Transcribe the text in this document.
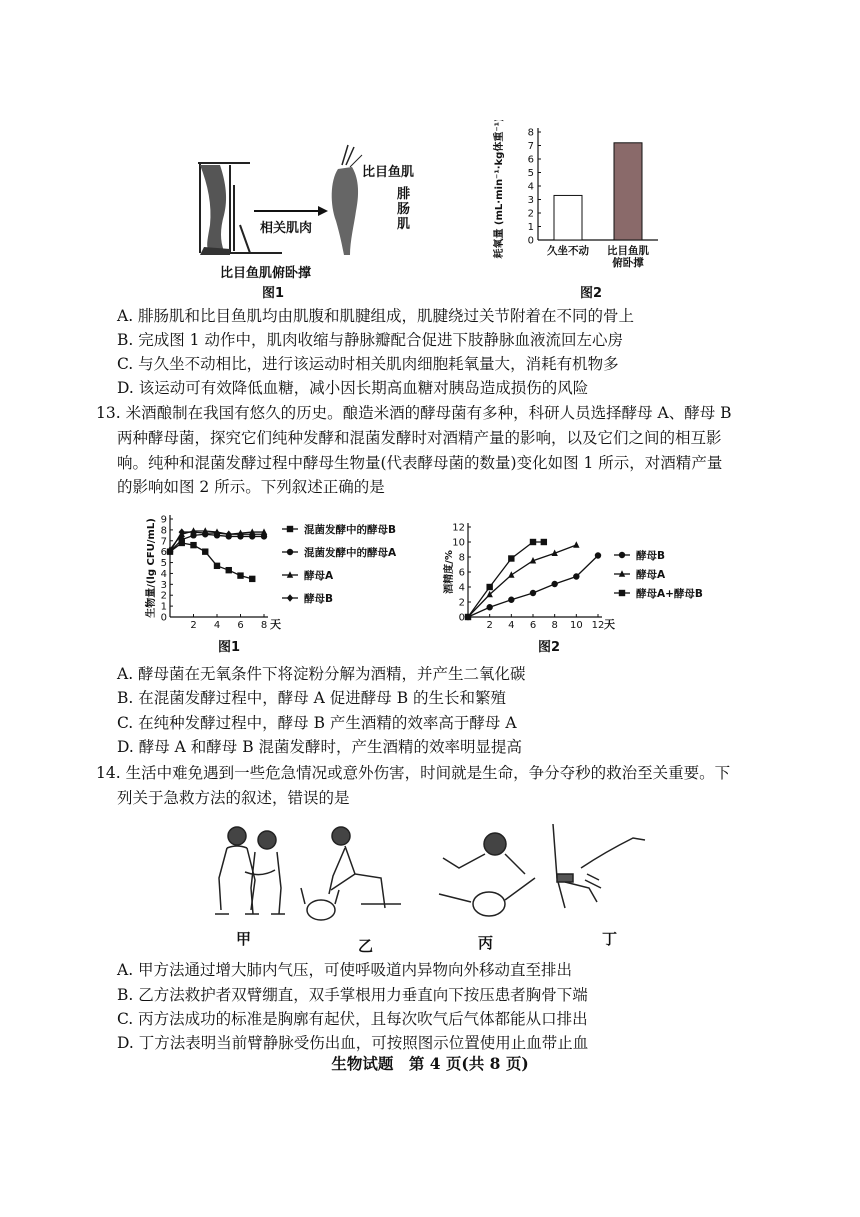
比目鱼肌
腓
肠
肌
相关肌肉
比目鱼肌俯卧撑
图1
0
1
2
3
4
5
6
7
8
耗氧量 (mL·min⁻¹·kg体重⁻¹)	久坐不动 比目鱼肌
俯卧撑
图2
A. 腓肠肌和比目鱼肌均由肌腹和肌腱组成，肌腱绕过关节附着在不同的骨上
B. 完成图 1 动作中，肌肉收缩与静脉瓣配合促进下肢静脉血液流回左心房
C. 与久坐不动相比，进行该运动时相关肌肉细胞耗氧量大，消耗有机物多
D. 该运动可有效降低血糖，减小因长期高血糖对胰岛造成损伤的风险
13. 米酒酿制在我国有悠久的历史。酿造米酒的酵母菌有多种，科研人员选择酵母 A、酵母 B
两种酵母菌，探究它们纯种发酵和混菌发酵时对酒精产量的影响，以及它们之间的相互影
响。纯种和混菌发酵过程中酵母生物量(代表酵母菌的数量)变化如图 1 所示，对酒精产量
的影响如图 2 所示。下列叙述正确的是
2 4 6 8 天
0
1
2
3
4
5
6
7
8
9
生物量/(lg CFU/mL)	混菌发酵中的酵母B
混菌发酵中的酵母A
酵母A
酵母B
图1
2 4 6 8 10 12 天
0
2
4
6
8
10
12
酒精度/%	酵母B
酵母A
酵母A+酵母B
图2
A. 酵母菌在无氧条件下将淀粉分解为酒精，并产生二氧化碳
B. 在混菌发酵过程中，酵母 A 促进酵母 B 的生长和繁殖
C. 在纯种发酵过程中，酵母 B 产生酒精的效率高于酵母 A
D. 酵母 A 和酵母 B 混菌发酵时，产生酒精的效率明显提高
14. 生活中难免遇到一些危急情况或意外伤害，时间就是生命，争分夺秒的救治至关重要。下
列关于急救方法的叙述，错误的是
甲	乙	丙	丁
A. 甲方法通过增大肺内气压，可使呼吸道内异物向外移动直至排出
B. 乙方法救护者双臂绷直，双手掌根用力垂直向下按压患者胸骨下端
C. 丙方法成功的标准是胸廓有起伏，且每次吹气后气体都能从口排出
D. 丁方法表明当前臂静脉受伤出血，可按照图示位置使用止血带止血
生物试题　第 4 页(共 8 页)
